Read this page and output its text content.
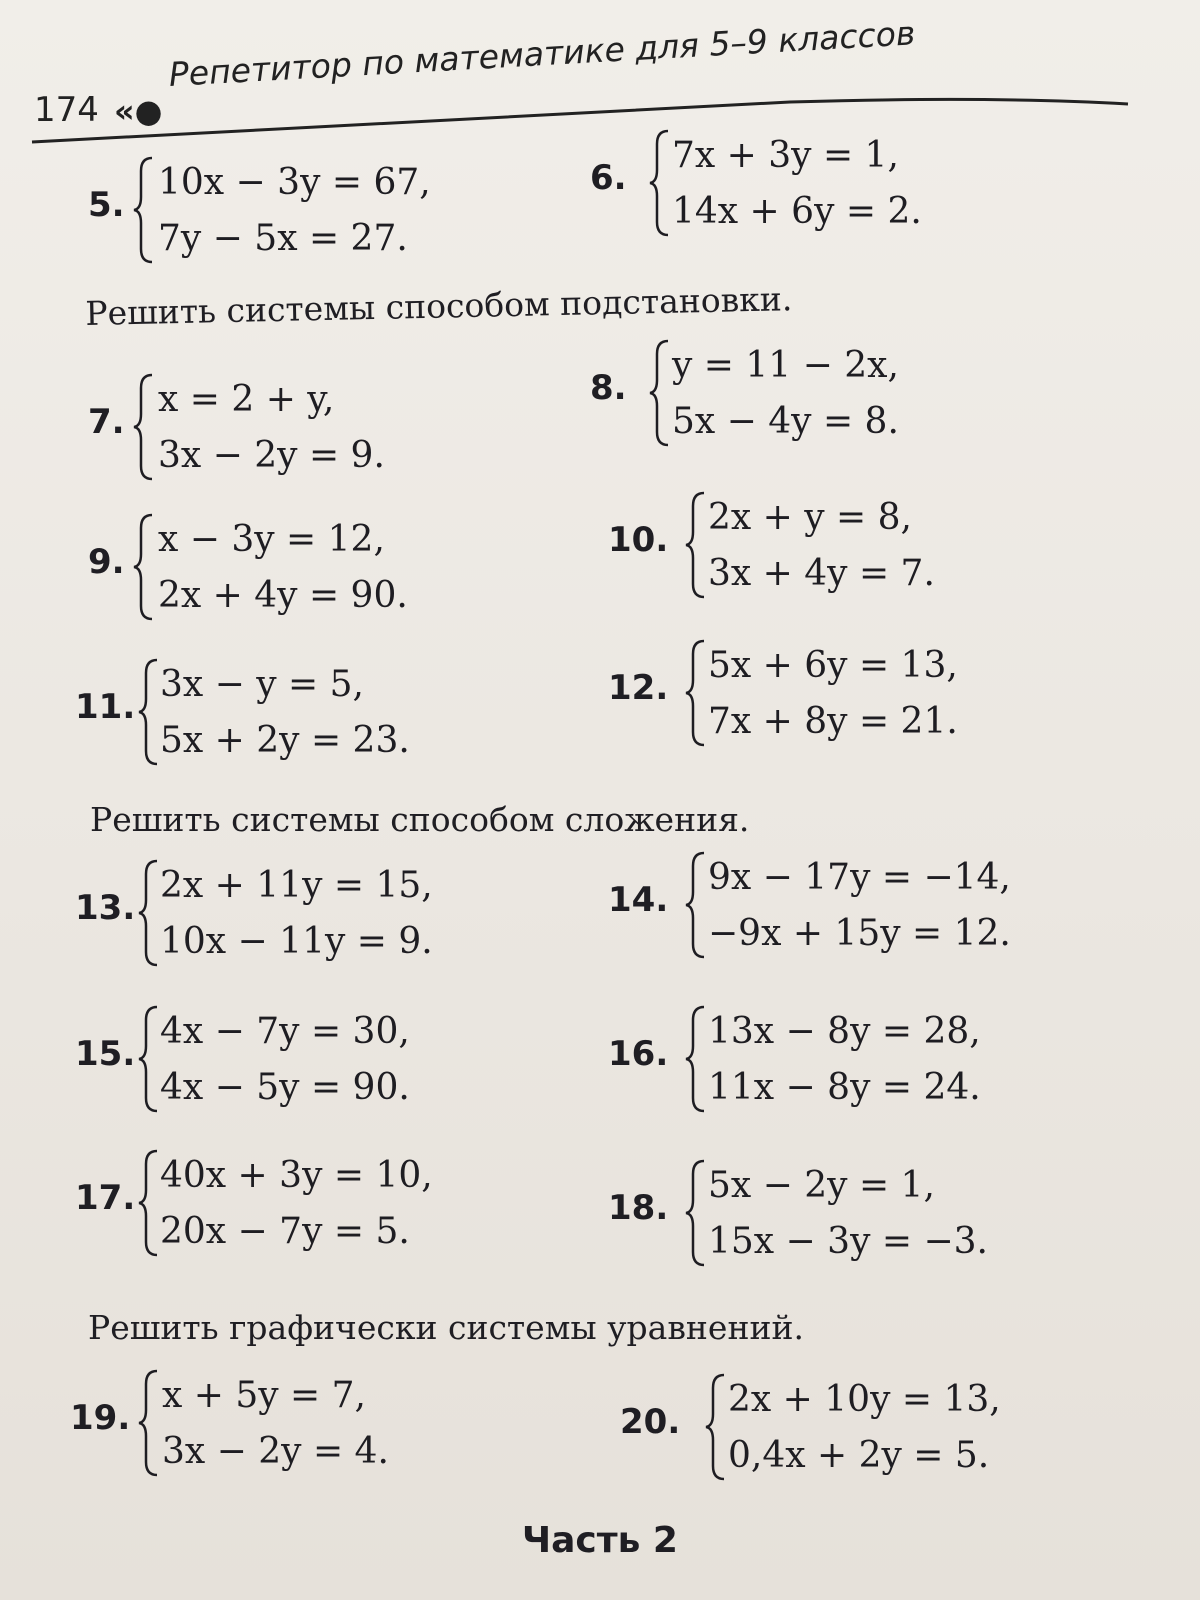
174 «●
Репетитор по математике для 5–9 классов
5.
10x − 3y = 67,
7y − 5x = 27.
6.
7x + 3y = 1,
14x + 6y = 2.
Решить системы способом подстановки.
7.
x = 2 + y,
3x − 2y = 9.
8.
y = 11 − 2x,
5x − 4y = 8.
9.
x − 3y = 12,
2x + 4y = 90.
10.
2x + y = 8,
3x + 4y = 7.
11.
3x − y = 5,
5x + 2y = 23.
12.
5x + 6y = 13,
7x + 8y = 21.
Решить системы способом сложения.
13.
2x + 11y = 15,
10x − 11y = 9.
14.
9x − 17y = −14,
−9x + 15y = 12.
15.
4x − 7y = 30,
4x − 5y = 90.
16.
13x − 8y = 28,
11x − 8y = 24.
17.
40x + 3y = 10,
20x − 7y = 5.
18.
5x − 2y = 1,
15x − 3y = −3.
Решить графически системы уравнений.
19.
x + 5y = 7,
3x − 2y = 4.
20.
2x + 10y = 13,
0,4x + 2y = 5.
Часть 2
